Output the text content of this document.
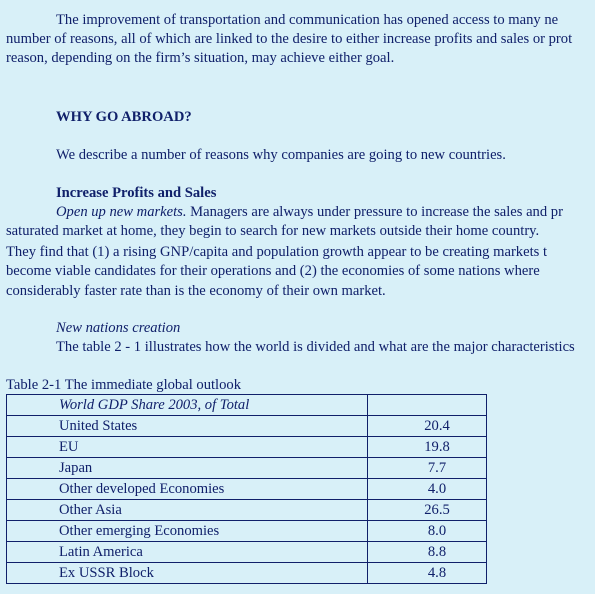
The improvement of transportation and communication has opened access to many ne
number of reasons, all of which are linked to the desire to either increase profits and sales or prot
reason, depending on the firm’s situation, may achieve either goal.
WHY GO ABROAD?
We describe a number of reasons why companies are going to new countries.
Increase Profits and Sales
Open up new markets. Managers are always under pressure to increase the sales and pr
saturated market at home, they begin to search for new markets outside their home country.
They find that (1) a rising GNP/capita and population growth appear to be creating markets t
become viable candidates for their operations and (2) the economies of some nations where
considerably faster rate than is the economy of their own market.
New nations creation
The table 2 - 1 illustrates how the world is divided and what are the major characteristics
Table 2-1 The immediate global outlook
World GDP Share 2003, of Total	
United States	20.4
EU	19.8
Japan	7.7
Other developed Economies	4.0
Other Asia	26.5
Other emerging Economies	8.0
Latin America	8.8
Ex USSR Block	4.8
